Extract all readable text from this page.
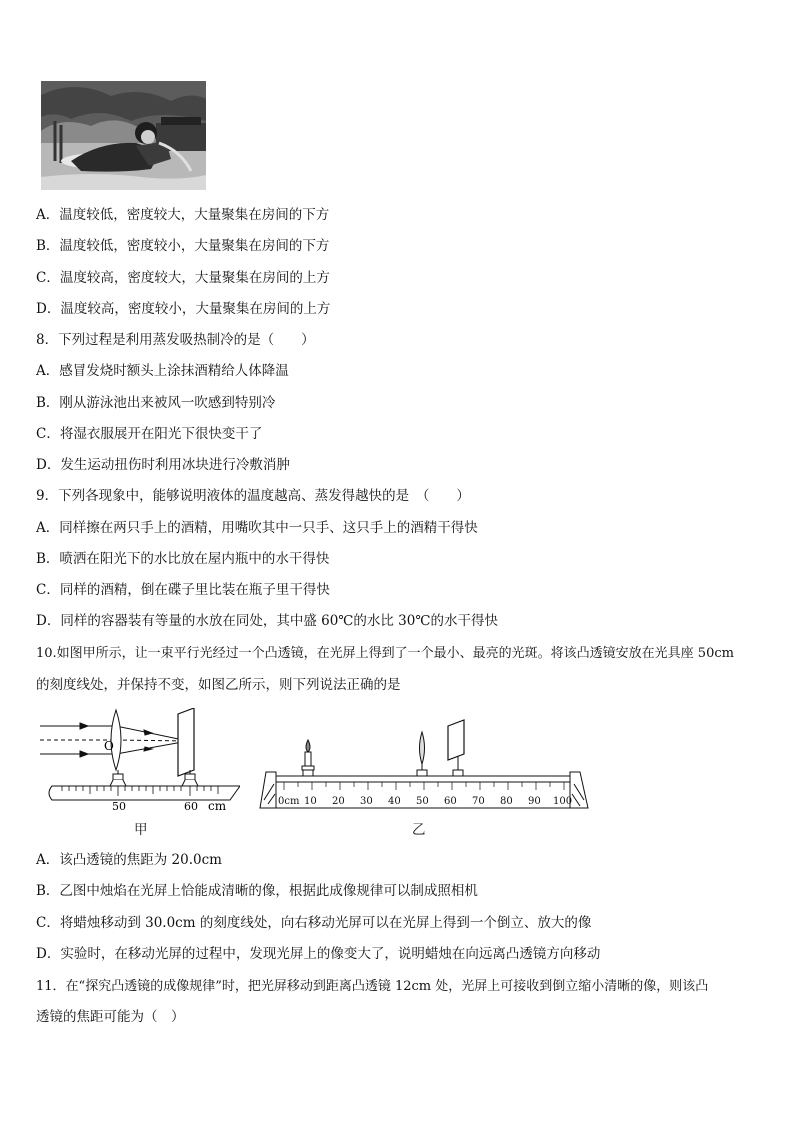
A．温度较低，密度较大，大量聚集在房间的下方
B．温度较低，密度较小，大量聚集在房间的下方
C．温度较高，密度较大，大量聚集在房间的上方
D．温度较高，密度较小，大量聚集在房间的上方
8．下列过程是利用蒸发吸热制冷的是（　　）
A．感冒发烧时额头上涂抹酒精给人体降温
B．刚从游泳池出来被风一吹感到特别冷
C．将湿衣服展开在阳光下很快变干了
D．发生运动扭伤时利用冰块进行冷敷消肿
9．下列各现象中，能够说明液体的温度越高、蒸发得越快的是　（　　）
A．同样擦在两只手上的酒精，用嘴吹其中一只手、这只手上的酒精干得快
B．喷洒在阳光下的水比放在屋内瓶中的水干得快
C．同样的酒精，倒在碟子里比装在瓶子里干得快
D．同样的容器装有等量的水放在同处，其中盛 60℃的水比 30℃的水干得快
10.如图甲所示，让一束平行光经过一个凸透镜，在光屏上得到了一个最小、最亮的光斑。将该凸透镜安放在光具座 50cm
的刻度线处，并保持不变，如图乙所示，则下列说法正确的是
O
50	60 cm
甲
0cm 10 20 30 40 50 60 70 80 90 100
乙
A．该凸透镜的焦距为 20.0cm
B．乙图中烛焰在光屏上恰能成清晰的像，根据此成像规律可以制成照相机
C．将蜡烛移动到 30.0cm 的刻度线处，向右移动光屏可以在光屏上得到一个倒立、放大的像
D．实验时，在移动光屏的过程中，发现光屏上的像变大了，说明蜡烛在向远离凸透镜方向移动
11．在“探究凸透镜的成像规律”时，把光屏移动到距离凸透镜 12cm 处，光屏上可接收到倒立缩小清晰的像，则该凸
透镜的焦距可能为（　）
